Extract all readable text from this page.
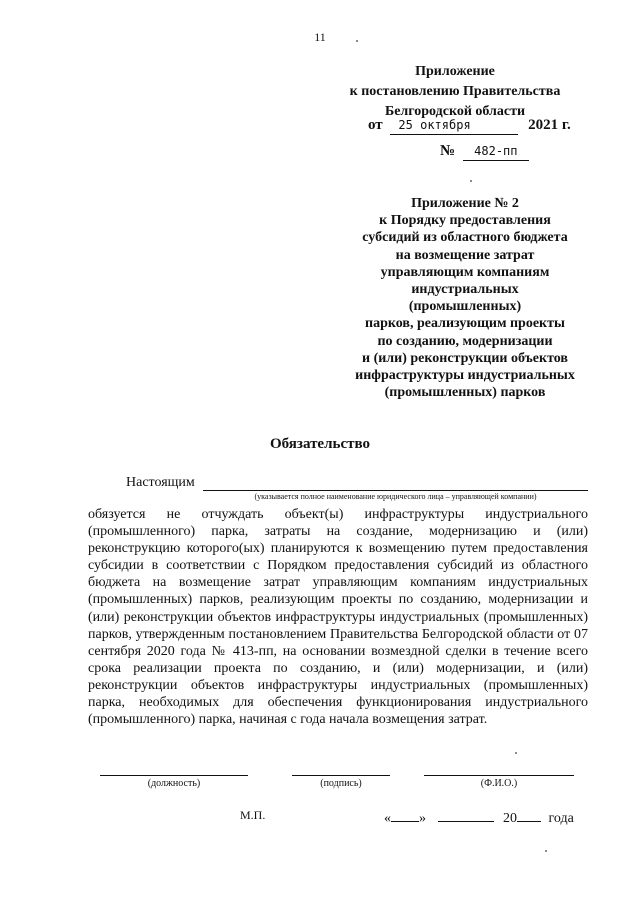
11
Приложение
к постановлению Правительства
Белгородской области
от 25 октября	2021 г.
№ 482-пп
Приложение № 2
к Порядку предоставления
субсидий из областного бюджета
на возмещение затрат
управляющим компаниям
индустриальных (промышленных)
парков, реализующим проекты
по созданию, модернизации
и (или) реконструкции объектов
инфраструктуры индустриальных
(промышленных) парков
Обязательство
Настоящим
(указывается полное наименование юридического лица – управляющей компании)

обязуется не отчуждать объект(ы) инфраструктуры индустриального (промышленного) парка, затраты на создание, модернизацию и (или) реконструкцию которого(ых) планируются к возмещению путем предоставления субсидии в соответствии с Порядком предоставления субсидий из областного бюджета на возмещение затрат управляющим компаниям индустриальных (промышленных) парков, реализующим проекты по созданию, модернизации и (или) реконструкции объектов инфраструктуры индустриальных (промышленных) парков, утвержденным постановлением Правительства Белгородской области от 07 сентября 2020 года № 413-пп, на основании возмездной сделки в течение всего срока реализации проекта по созданию, и (или) модернизации, и (или) реконструкции объектов инфраструктуры индустриальных (промышленных) парка, необходимых для обеспечения функционирования индустриального (промышленного) парка, начиная с года начала возмещения затрат.

(должность)	(подпись)	(Ф.И.О.)
М.П.	« »	20 года
